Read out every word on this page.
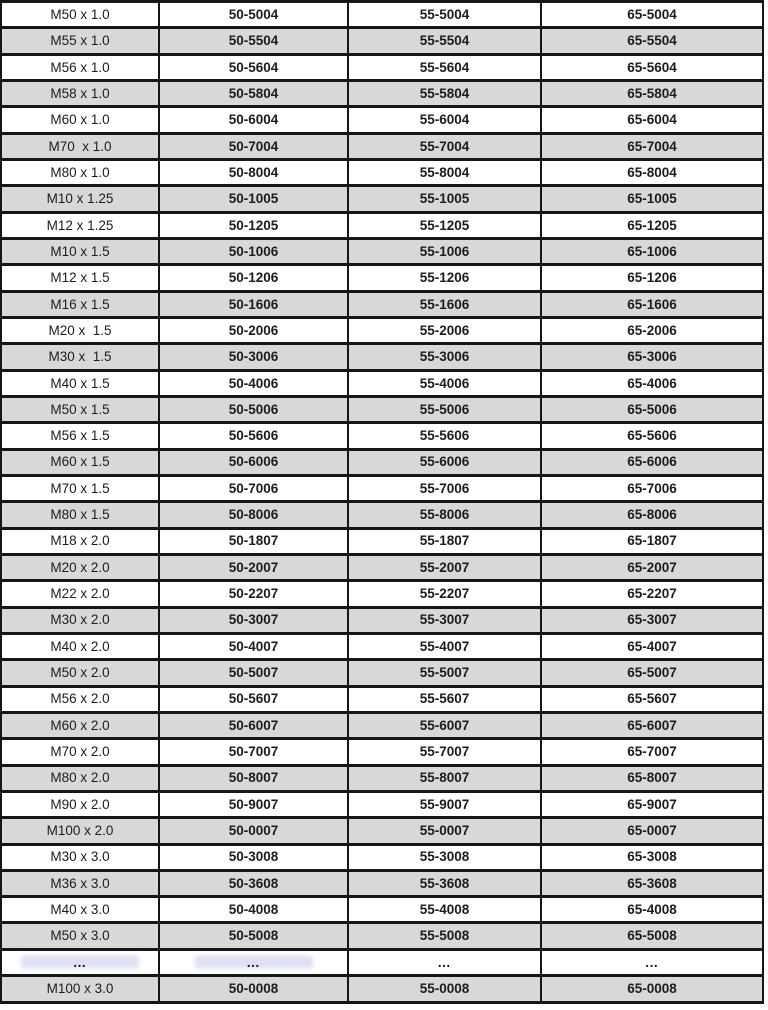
M50 x 1.0	50-5004	55-5004	65-5004
M55 x 1.0	50-5504	55-5504	65-5504
M56 x 1.0	50-5604	55-5604	65-5604
M58 x 1.0	50-5804	55-5804	65-5804
M60 x 1.0	50-6004	55-6004	65-6004
M70  x 1.0	50-7004	55-7004	65-7004
M80 x 1.0	50-8004	55-8004	65-8004
M10 x 1.25	50-1005	55-1005	65-1005
M12 x 1.25	50-1205	55-1205	65-1205
M10 x 1.5	50-1006	55-1006	65-1006
M12 x 1.5	50-1206	55-1206	65-1206
M16 x 1.5	50-1606	55-1606	65-1606
M20 x  1.5	50-2006	55-2006	65-2006
M30 x  1.5	50-3006	55-3006	65-3006
M40 x 1.5	50-4006	55-4006	65-4006
M50 x 1.5	50-5006	55-5006	65-5006
M56 x 1.5	50-5606	55-5606	65-5606
M60 x 1.5	50-6006	55-6006	65-6006
M70 x 1.5	50-7006	55-7006	65-7006
M80 x 1.5	50-8006	55-8006	65-8006
M18 x 2.0	50-1807	55-1807	65-1807
M20 x 2.0	50-2007	55-2007	65-2007
M22 x 2.0	50-2207	55-2207	65-2207
M30 x 2.0	50-3007	55-3007	65-3007
M40 x 2.0	50-4007	55-4007	65-4007
M50 x 2.0	50-5007	55-5007	65-5007
M56 x 2.0	50-5607	55-5607	65-5607
M60 x 2.0	50-6007	55-6007	65-6007
M70 x 2.0	50-7007	55-7007	65-7007
M80 x 2.0	50-8007	55-8007	65-8007
M90 x 2.0	50-9007	55-9007	65-9007
M100 x 2.0	50-0007	55-0007	65-0007
M30 x 3.0	50-3008	55-3008	65-3008
M36 x 3.0	50-3608	55-3608	65-3608
M40 x 3.0	50-4008	55-4008	65-4008
M50 x 3.0	50-5008	55-5008	65-5008

…	…	…	…
M100 x 3.0	50-0008	55-0008	65-0008
